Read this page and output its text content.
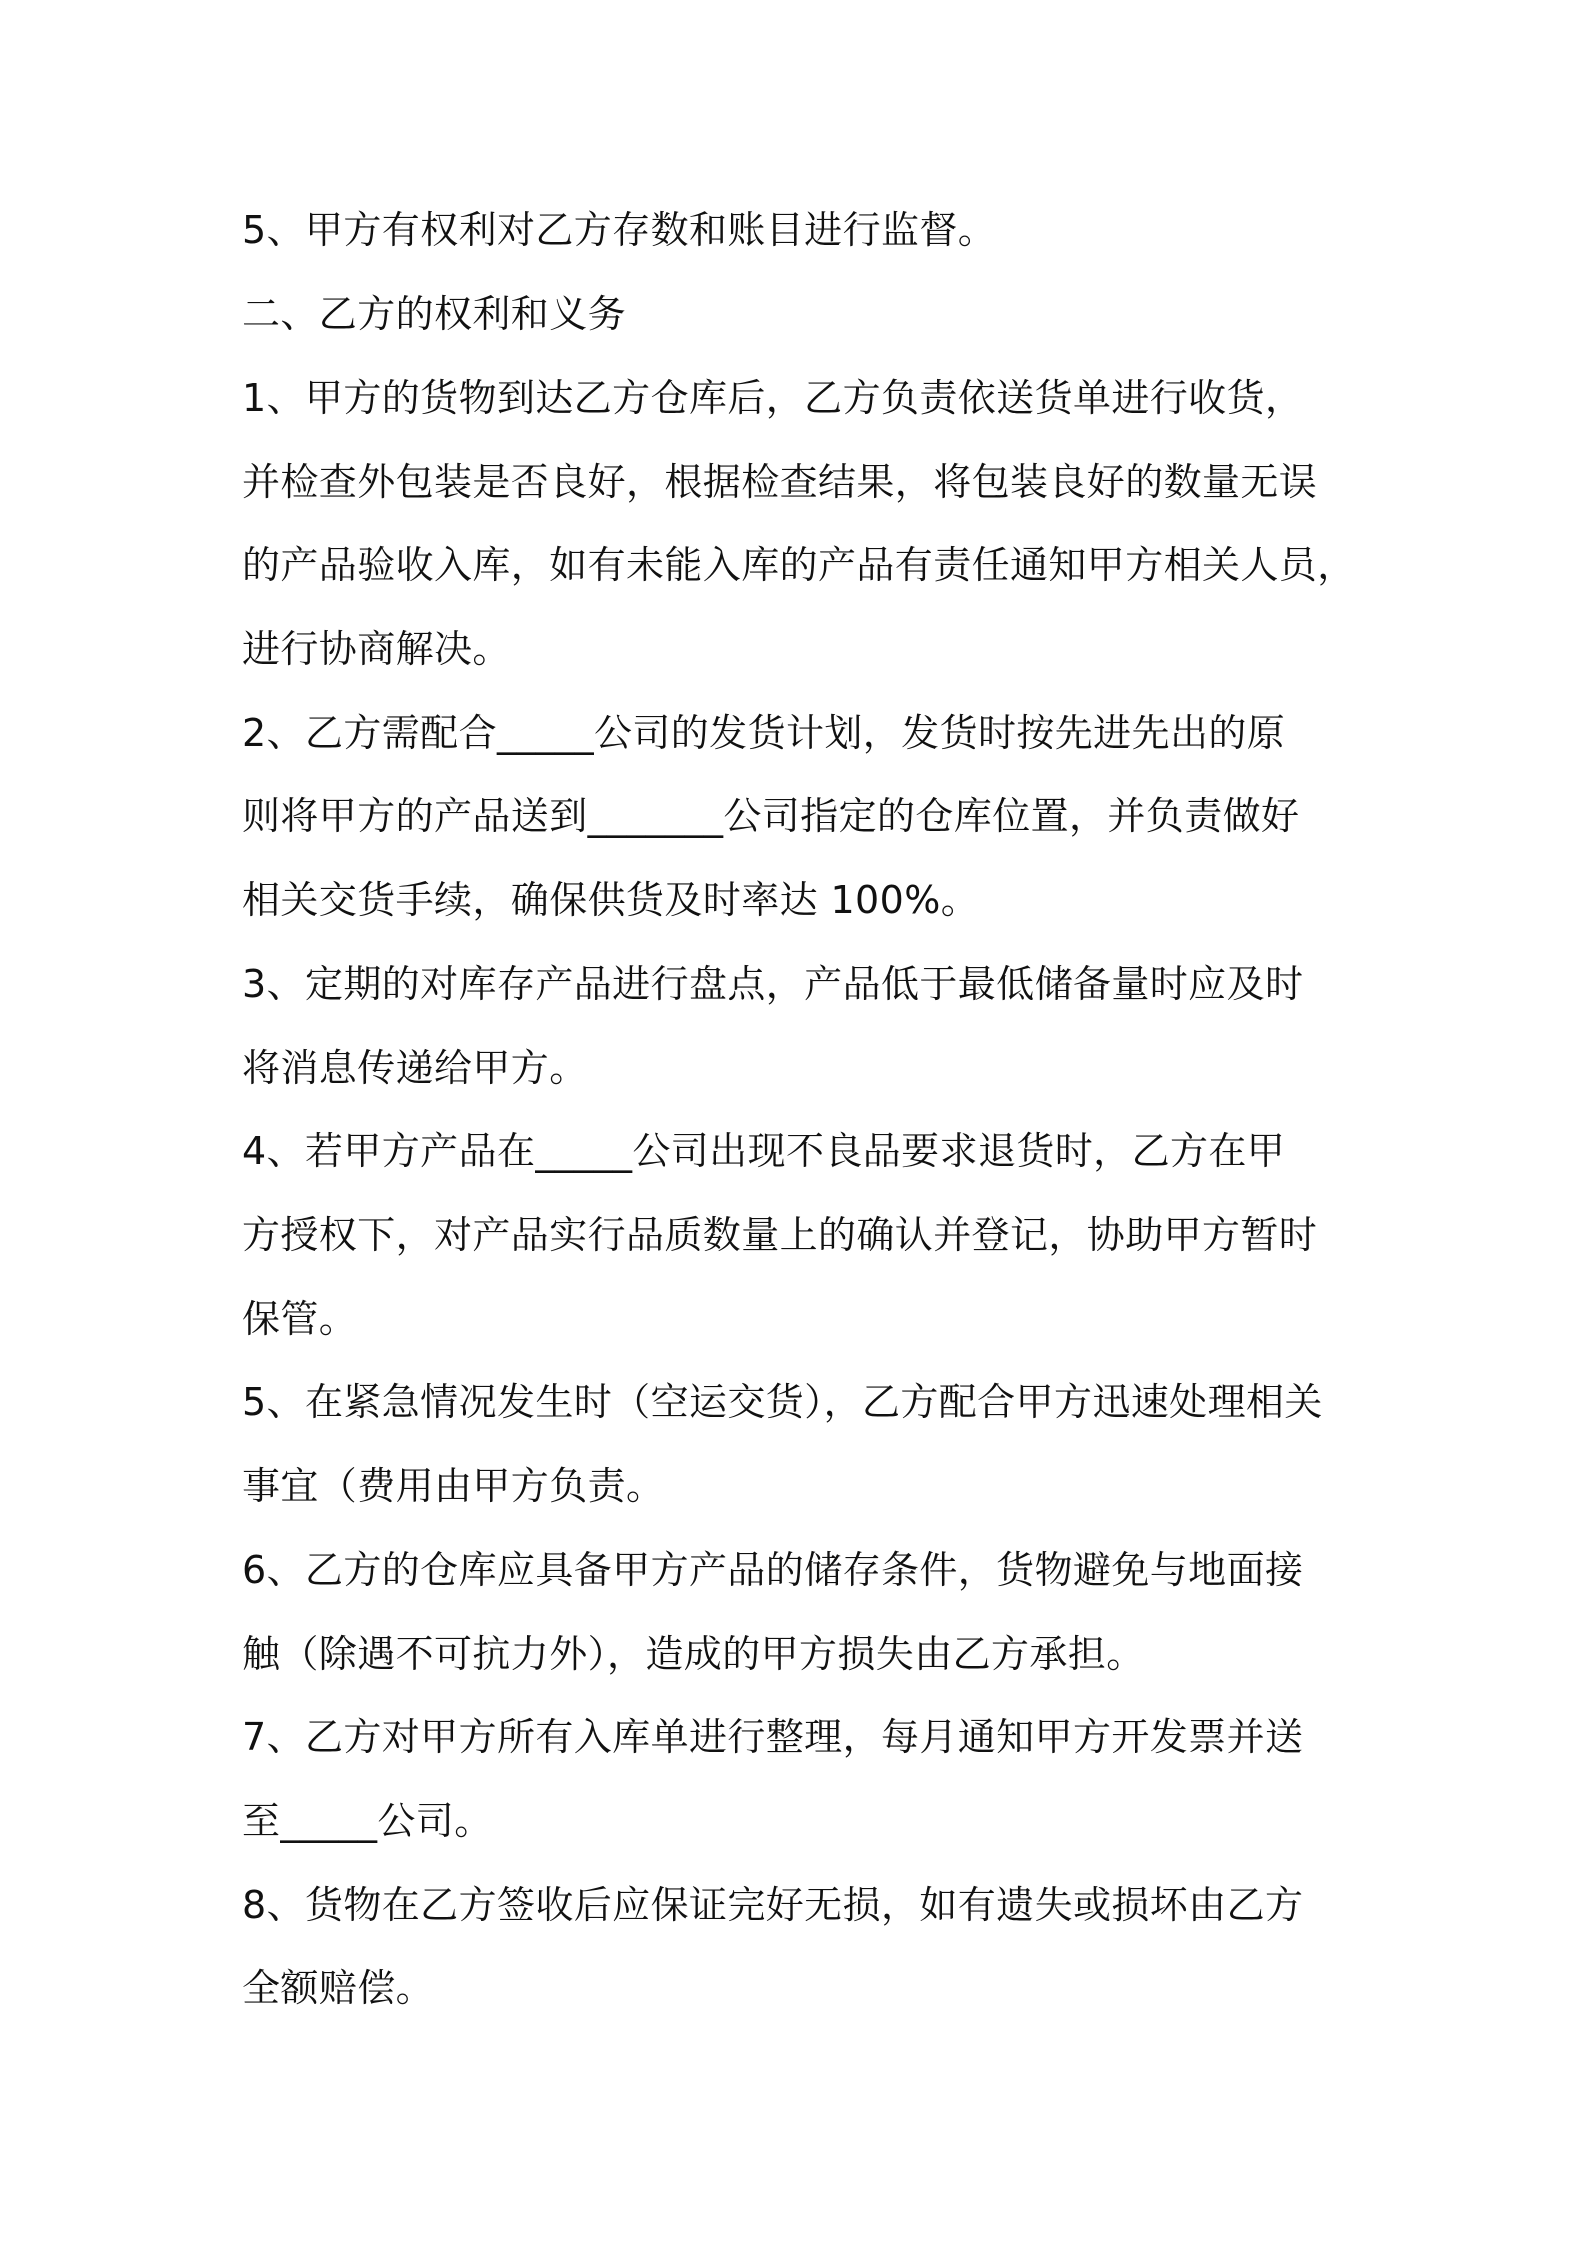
5、甲方有权利对乙方存数和账目进行监督。
二、乙方的权利和义务
1、甲方的货物到达乙方仓库后，乙方负责依送货单进行收货，
并检查外包装是否良好，根据检查结果，将包装良好的数量无误
的产品验收入库，如有未能入库的产品有责任通知甲方相关人员，
进行协商解决。
2、乙方需配合_____公司的发货计划，发货时按先进先出的原
则将甲方的产品送到_______公司指定的仓库位置，并负责做好
相关交货手续，确保供货及时率达 100%。
3、定期的对库存产品进行盘点，产品低于最低储备量时应及时
将消息传递给甲方。
4、若甲方产品在_____公司出现不良品要求退货时，乙方在甲
方授权下，对产品实行品质数量上的确认并登记，协助甲方暂时
保管。
5、在紧急情况发生时（空运交货），乙方配合甲方迅速处理相关
事宜（费用由甲方负责。
6、乙方的仓库应具备甲方产品的储存条件，货物避免与地面接
触（除遇不可抗力外），造成的甲方损失由乙方承担。
7、乙方对甲方所有入库单进行整理，每月通知甲方开发票并送
至_____公司。
8、货物在乙方签收后应保证完好无损，如有遗失或损坏由乙方
全额赔偿。
